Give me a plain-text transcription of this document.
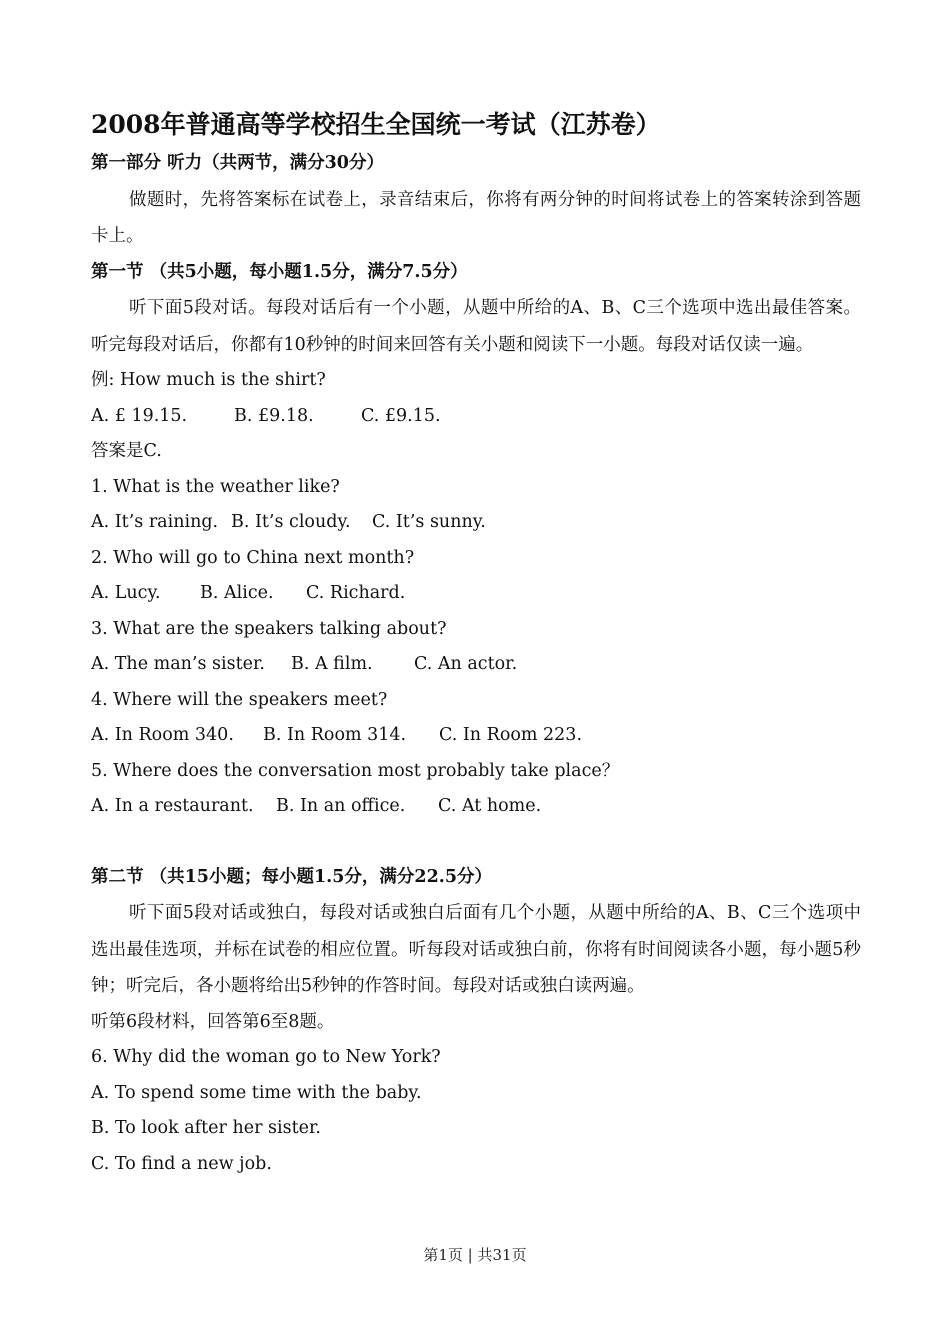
2008年普通高等学校招生全国统一考试（江苏卷）
第一部分 听力（共两节，满分30分）
做题时，先将答案标在试卷上，录音结束后，你将有两分钟的时间将试卷上的答案转涂到答题卡上。
第一节 （共5小题，每小题1.5分，满分7.5分）
听下面5段对话。每段对话后有一个小题，从题中所给的A、B、C三个选项中选出最佳答案。听完每段对话后，你都有10秒钟的时间来回答有关小题和阅读下一小题。每段对话仅读一遍。
例: How much is the shirt?
A. £ 19.15.	B. £9.18.	C. £9.15.
答案是C.
1. What is the weather like?
A. It’s raining. B. It’s cloudy. C. It’s sunny.
2. Who will go to China next month?
A. Lucy. B. Alice. C. Richard.
3. What are the speakers talking about?
A. The man’s sister. B. A film. C. An actor.
4. Where will the speakers meet?
A. In Room 340. B. In Room 314. C. In Room 223.
5. Where does the conversation most probably take place？
A. In a restaurant. B. In an office. C. At home.
第二节 （共15小题；每小题1.5分，满分22.5分）
听下面5段对话或独白，每段对话或独白后面有几个小题，从题中所给的A、B、C三个选项中选出最佳选项，并标在试卷的相应位置。听每段对话或独白前，你将有时间阅读各小题，每小题5秒钟；听完后，各小题将给出5秒钟的作答时间。每段对话或独白读两遍。
听第6段材料，回答第6至8题。
6. Why did the woman go to New York?
A. To spend some time with the baby.
B. To look after her sister.
C. To find a new job.
第1页 | 共31页
